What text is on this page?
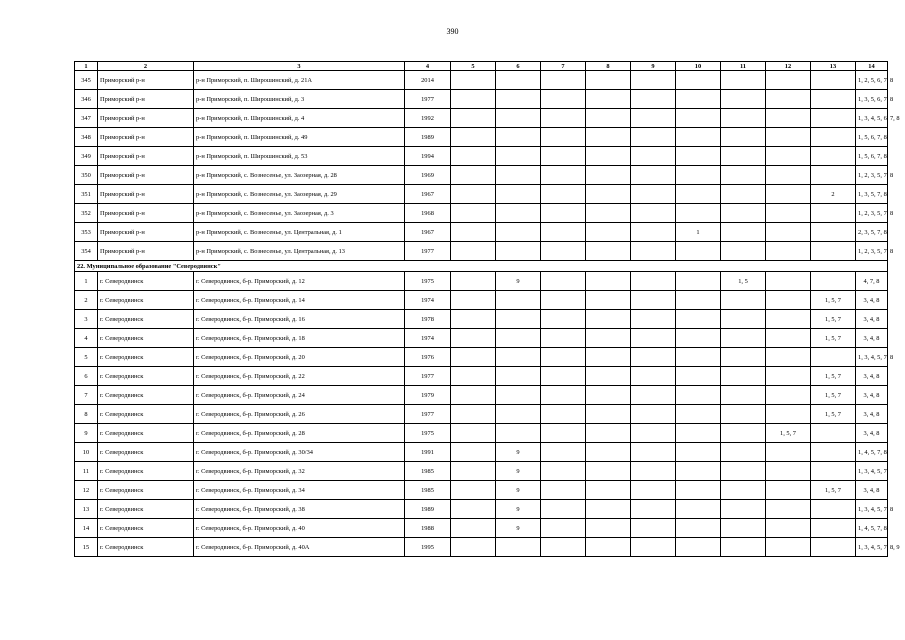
390
1	2	3	4	5	6	7	8	9	10	11	12	13	14
345	Приморский р-н	р-н Приморский, п. Широшинский, д. 21А	2014										1, 2, 5, 6, 7, 8
346	Приморский р-н	р-н Приморский, п. Широшинский, д. 3	1977										1, 3, 5, 6, 7, 8
347	Приморский р-н	р-н Приморский, п. Широшинский, д. 4	1992										1, 3, 4, 5, 6, 7, 8
348	Приморский р-н	р-н Приморский, п. Широшинский, д. 49	1989										1, 5, 6, 7, 8
349	Приморский р-н	р-н Приморский, п. Широшинский, д. 53	1994										1, 5, 6, 7, 8
350	Приморский р-н	р-н Приморский, с. Вознесенье, ул. Заозерная, д. 28	1969										1, 2, 3, 5, 7, 8
351	Приморский р-н	р-н Приморский, с. Вознесенье, ул. Заозерная, д. 29	1967									2	1, 3, 5, 7, 8
352	Приморский р-н	р-н Приморский, с. Вознесенье, ул. Заозерная, д. 3	1968										1, 2, 3, 5, 7, 8
353	Приморский р-н	р-н Приморский, с. Вознесенье, ул. Центральная, д. 1	1967						1				2, 3, 5, 7, 8
354	Приморский р-н	р-н Приморский, с. Вознесенье, ул. Центральная, д. 13	1977										1, 2, 3, 5, 7, 8
22. Муниципальное образование "Северодвинск"													
1	г. Северодвинск	г. Северодвинск, б-р. Приморский, д. 12	1975		9					1, 5			4, 7, 8
2	г. Северодвинск	г. Северодвинск, б-р. Приморский, д. 14	1974									1, 5, 7	3, 4, 8
3	г. Северодвинск	г. Северодвинск, б-р. Приморский, д. 16	1978									1, 5, 7	3, 4, 8
4	г. Северодвинск	г. Северодвинск, б-р. Приморский, д. 18	1974									1, 5, 7	3, 4, 8
5	г. Северодвинск	г. Северодвинск, б-р. Приморский, д. 20	1976										1, 3, 4, 5, 7, 8
6	г. Северодвинск	г. Северодвинск, б-р. Приморский, д. 22	1977									1, 5, 7	3, 4, 8
7	г. Северодвинск	г. Северодвинск, б-р. Приморский, д. 24	1979									1, 5, 7	3, 4, 8
8	г. Северодвинск	г. Северодвинск, б-р. Приморский, д. 26	1977									1, 5, 7	3, 4, 8
9	г. Северодвинск	г. Северодвинск, б-р. Приморский, д. 28	1975								1, 5, 7		3, 4, 8
10	г. Северодвинск	г. Северодвинск, б-р. Приморский, д. 30/34	1991		9								1, 4, 5, 7, 8
11	г. Северодвинск	г. Северодвинск, б-р. Приморский, д. 32	1985		9								1, 3, 4, 5, 7
12	г. Северодвинск	г. Северодвинск, б-р. Приморский, д. 34	1985		9							1, 5, 7	3, 4, 8
13	г. Северодвинск	г. Северодвинск, б-р. Приморский, д. 38	1989		9								1, 3, 4, 5, 7, 8
14	г. Северодвинск	г. Северодвинск, б-р. Приморский, д. 40	1988		9								1, 4, 5, 7, 8
15	г. Северодвинск	г. Северодвинск, б-р. Приморский, д. 40А	1995										1, 3, 4, 5, 7, 8, 9
